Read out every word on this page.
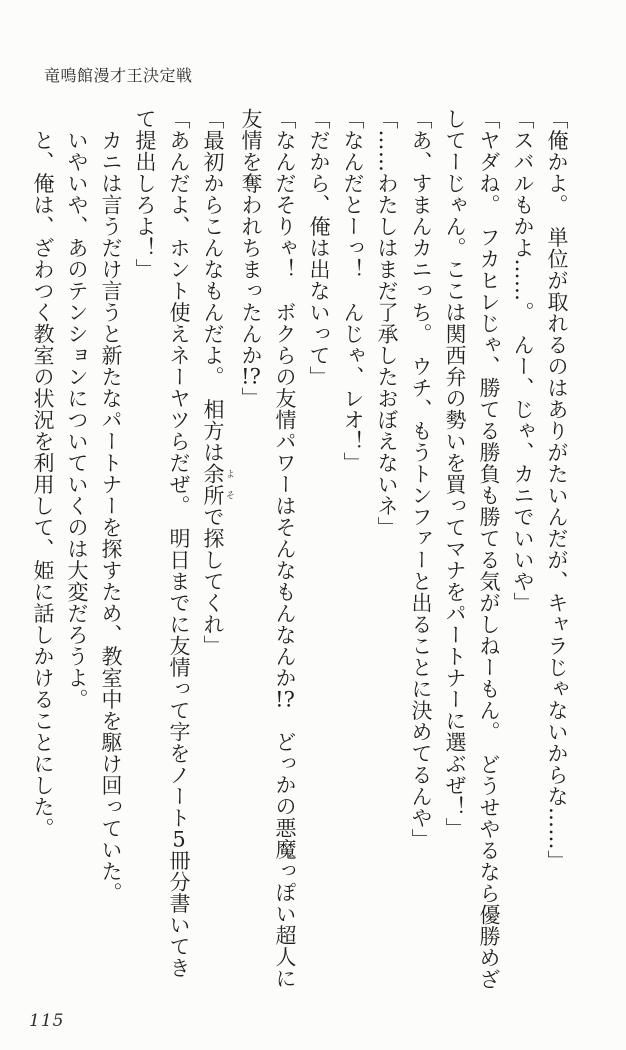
竜鳴館漫才王決定戦

「俺かよ。　単位が取れるのはありがたいんだが、キャラじゃないからな……」

「スバルもかよ……。　んー、じゃ、カニでいいや」

「ヤダね。　フカヒレじゃ、勝てる勝負も勝てる気がしねーもん。　どうせやるなら優勝めざしてーじゃん。ここは関西弁の勢いを買ってマナをパートナーに選ぶぜ！」

「あ、すまんカニっち。　ウチ、もうトンファーと出ることに決めてるんや」

「……わたしはまだ了承したおぼえないネ」

「なんだとーっ！　んじゃ、レオ！」

「だから、俺は出ないって」

「なんだそりゃ！　ボクらの友情パワーはそんなもんなんか!?　どっかの悪魔っぽい超人に友情を奪われちまったんか!?」

「最初からこんなもんだよ。　相方は余所 よそで探してくれ」

「あんだよ、ホント使えネーヤツらだぜ。　明日までに友情って字をノート5冊分書いてきて提出しろよ！」

　カニは言うだけ言うと新たなパートナーを探すため、教室中を駆け回っていた。

　いやいや、あのテンションについていくのは大変だろうよ。

　と、俺は、ざわつく教室の状況を利用して、姫に話しかけることにした。

115
